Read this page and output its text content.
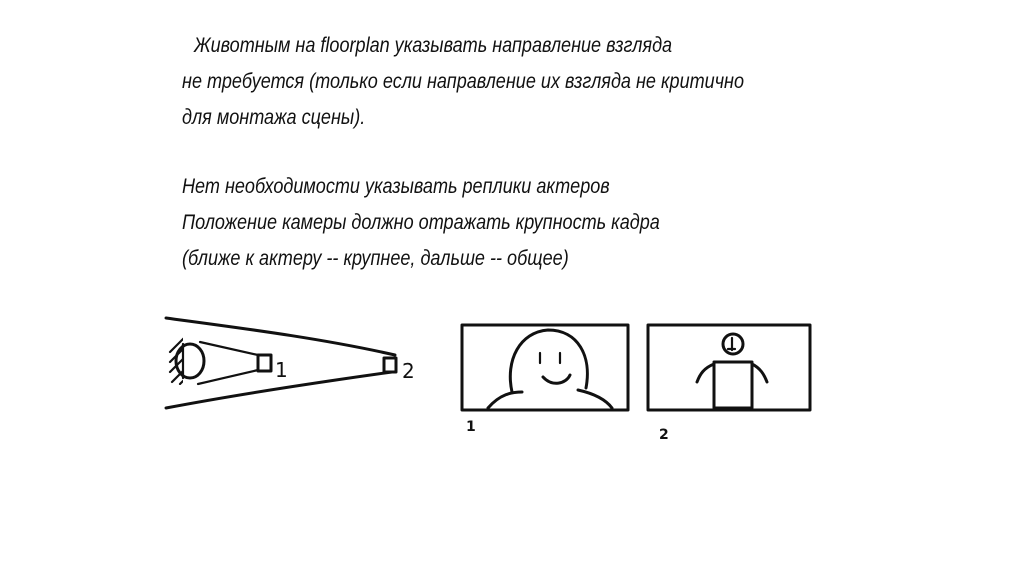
Животным на floorplan указывать направление взгляда
не требуется (только если направление их взгляда не критично
для монтажа сцены).
Нет необходимости указывать реплики актеров
Положение камеры должно отражать крупность кадра
(ближе к актеру -- крупнее, дальше -- общее)
1	2
1	2
